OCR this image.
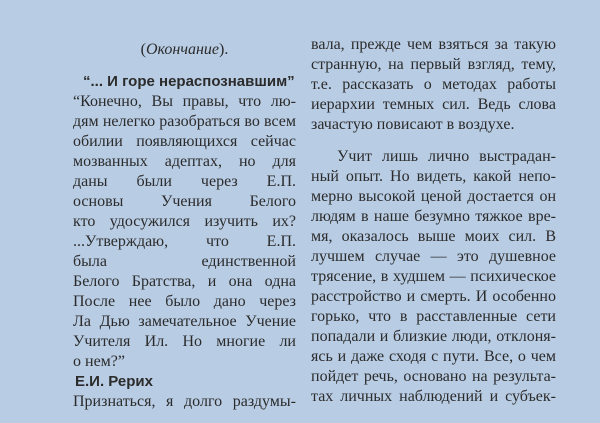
(Окончание).
“... И горе нераспознавшим”
“Конечно, Вы правы, что лю-
дям нелегко разобраться во всем
обилии появляющихся сейчас
мозванных адептах, но для
даны были через Е.П.
основы Учения Белого
кто удосужился изучить их?
...Утверждаю, что Е.П.
была единственной
Белого Братства, и она одна
После нее было дано через
Ла Дью замечательное Учение
Учителя Ил. Но многие ли
о нем?”
Е.И. Рерих
Признаться, я долго раздумы-
вала, прежде чем взяться за такую
странную, на первый взгляд, тему,
т.е. рассказать о методах работы
иерархии темных сил. Ведь слова
зачастую повисают в воздухе.
Учит лишь лично выстрадан-
ный опыт. Но видеть, какой непо-
мерно высокой ценой достается он
людям в наше безумно тяжкое вре-
мя, оказалось выше моих сил. В
лучшем случае — это душевное
трясение, в худшем — психическое
расстройство и смерть. И особенно
горько, что в расставленные сети
попадали и близкие люди, отклоня-
ясь и даже сходя с пути. Все, о чем
пойдет речь, основано на результа-
тах личных наблюдений и субъек-
